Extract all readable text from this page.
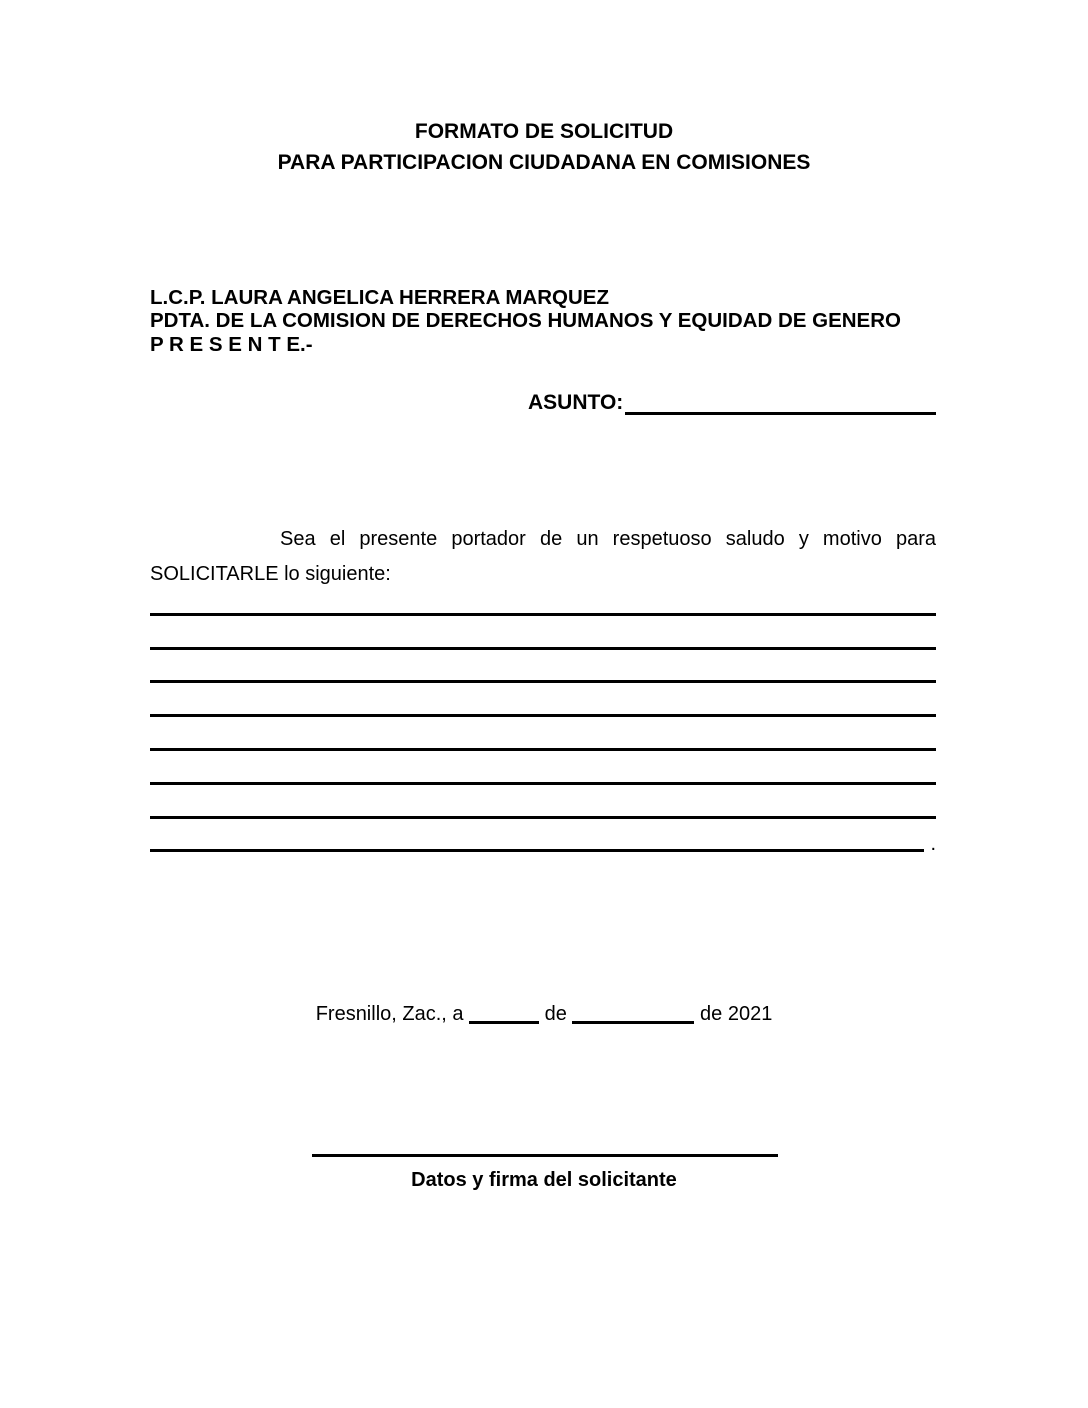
FORMATO DE SOLICITUD
PARA PARTICIPACION CIUDADANA EN COMISIONES
L.C.P. LAURA ANGELICA HERRERA MARQUEZ
PDTA. DE LA COMISION DE DERECHOS HUMANOS Y EQUIDAD DE GENERO
P R E S E N T E.-
ASUNTO:
Sea el presente portador de un respetuoso saludo y motivo para
SOLICITARLE lo siguiente:
.
Fresnillo, Zac., a	de	de 2021
Datos y firma del solicitante
